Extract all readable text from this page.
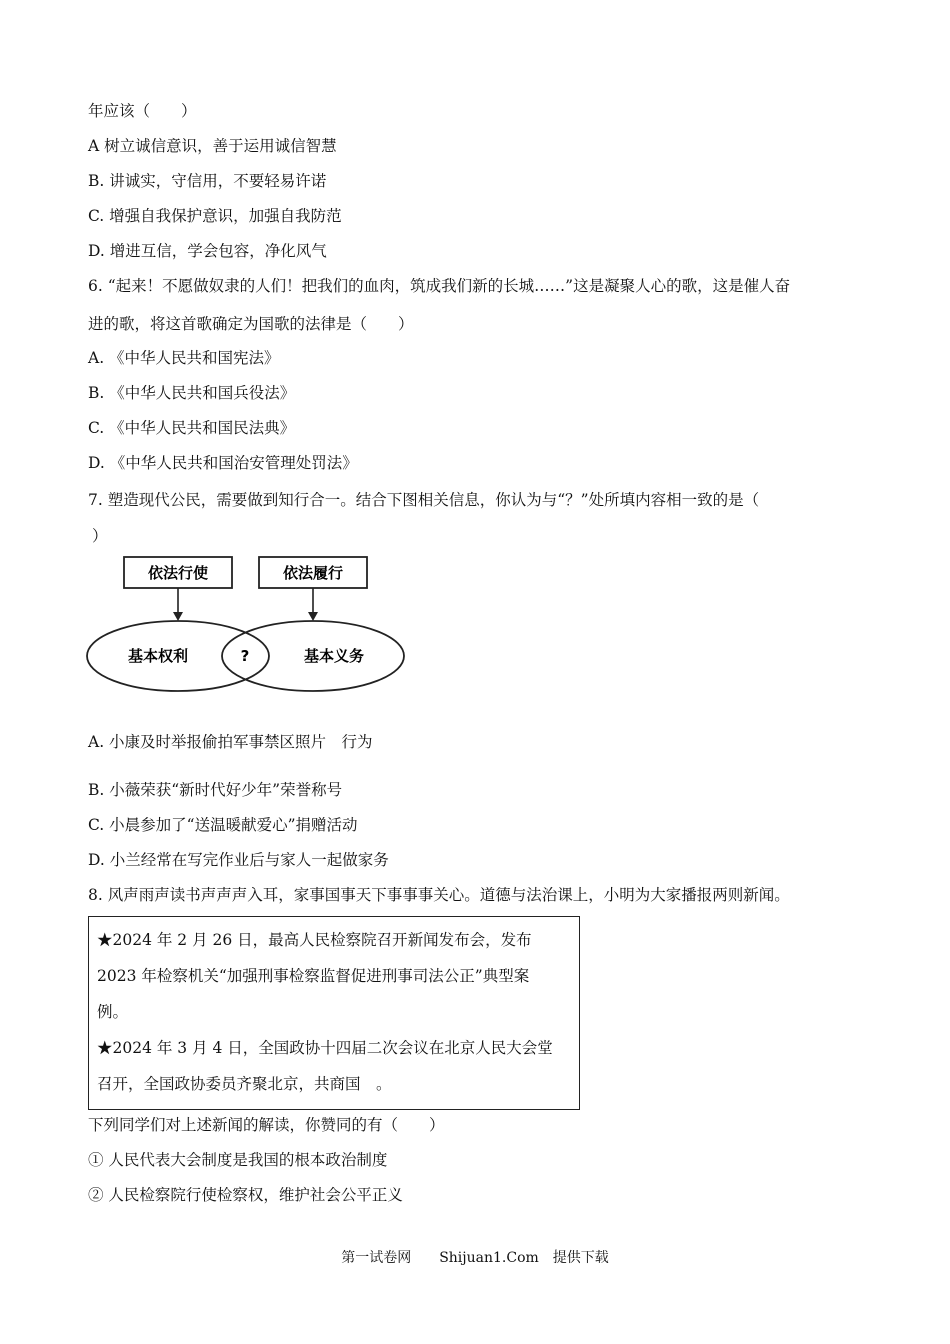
年应该（　　）
A 树立诚信意识，善于运用诚信智慧
B. 讲诚实，守信用，不要轻易许诺
C. 增强自我保护意识，加强自我防范
D. 增进互信，学会包容，净化风气
6. “起来！不愿做奴隶的人们！把我们的血肉，筑成我们新的长城……”这是凝聚人心的歌，这是催人奋
进的歌，将这首歌确定为国歌的法律是（　　）
A. 《中华人民共和国宪法》
B. 《中华人民共和国兵役法》
C. 《中华人民共和国民法典》
D. 《中华人民共和国治安管理处罚法》
7. 塑造现代公民，需要做到知行合一。结合下图相关信息，你认为与“？”处所填内容相一致的是（
）
依法行使	依法履行
基本权利	基本义务
?
A. 小康及时举报偷拍军事禁区照片　行为
B. 小薇荣获“新时代好少年”荣誉称号
C. 小晨参加了“送温暖献爱心”捐赠活动
D. 小兰经常在写完作业后与家人一起做家务
8. 风声雨声读书声声声入耳，家事国事天下事事事关心。道德与法治课上，小明为大家播报两则新闻。
★2024 年 2 月 26 日，最高人民检察院召开新闻发布会，发布
2023 年检察机关“加强刑事检察监督促进刑事司法公正”典型案
例。
★2024 年 3 月 4 日，全国政协十四届二次会议在北京人民大会堂
召开，全国政协委员齐聚北京，共商国　。
下列同学们对上述新闻的解读，你赞同的有（　　）
① 人民代表大会制度是我国的根本政治制度
② 人民检察院行使检察权，维护社会公平正义
第一试卷网　　Shijuan1.Com　提供下载
